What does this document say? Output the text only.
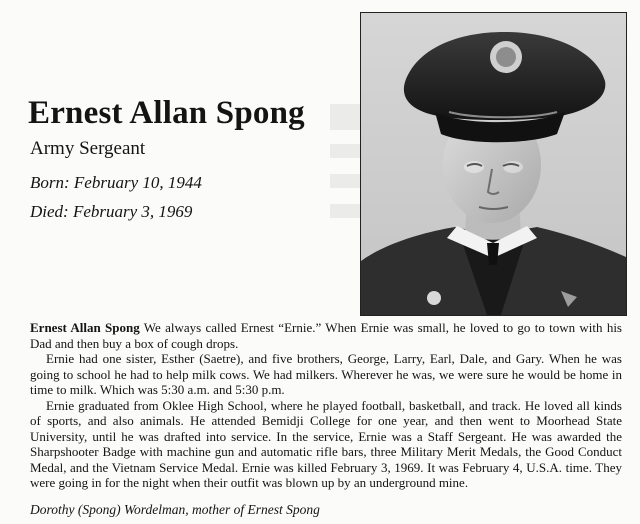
Ernest Allan Spong
Army Sergeant
Born: February 10, 1944
Died: February 3, 1969

Ernest Allan Spong We always called Ernest “Ernie.” When Ernie was small, he loved to go to town with his Dad and then buy a box of cough drops.

Ernie had one sister, Esther (Saetre), and five brothers, George, Larry, Earl, Dale, and Gary. When he was going to school he had to help milk cows. We had milkers. Wherever he was, we were sure he would be home in time to milk. Which was 5:30 a.m. and 5:30 p.m.

Ernie graduated from Oklee High School, where he played football, basketball, and track. He loved all kinds of sports, and also animals. He attended Bemidji College for one year, and then went to Moorhead State University, until he was drafted into service. In the service, Ernie was a Staff Sergeant. He was awarded the Sharpshooter Badge with machine gun and automatic rifle bars, three Military Merit Medals, the Good Conduct Medal, and the Vietnam Service Medal. Ernie was killed February 3, 1969. It was February 4, U.S.A. time. They were going in for the night when their outfit was blown up by an underground mine.

Dorothy (Spong) Wordelman, mother of Ernest Spong
